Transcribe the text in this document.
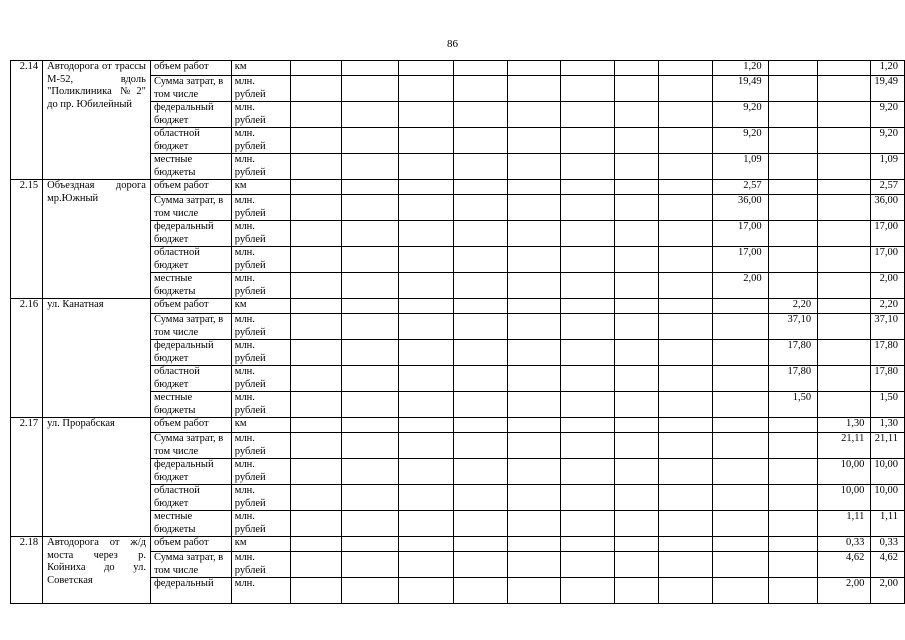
86
2.14	Автодорога от трассы М-52, вдоль "Поликлиника №2" до пр. Юбилейный	объем работ	км									1,20			1,20
		Сумма затрат, в том числе	млн. рублей									19,49			19,49
		федеральный бюджет	млн. рублей									9,20			9,20
		областной бюджет	млн. рублей									9,20			9,20
		местные бюджеты	млн. рублей									1,09			1,09
2.15	Объездная дорога мр.Южный	объем работ	км									2,57			2,57
		Сумма затрат, в том числе	млн. рублей									36,00			36,00
		федеральный бюджет	млн. рублей									17,00			17,00
		областной бюджет	млн. рублей									17,00			17,00
		местные бюджеты	млн. рублей									2,00			2,00
2.16	ул. Канатная	объем работ	км										2,20		2,20
		Сумма затрат, в том числе	млн. рублей										37,10		37,10
		федеральный бюджет	млн. рублей										17,80		17,80
		областной бюджет	млн. рублей										17,80		17,80
		местные бюджеты	млн. рублей										1,50		1,50
2.17	ул. Прорабская	объем работ	км											1,30	1,30
		Сумма затрат, в том числе	млн. рублей											21,11	21,11
		федеральный бюджет	млн. рублей											10,00	10,00
		областной бюджет	млн. рублей											10,00	10,00
		местные бюджеты	млн. рублей											1,11	1,11
2.18	Автодорога от ж/д моста через р. Койниха до ул. Советская	объем работ	км											0,33	0,33
		Сумма затрат, в том числе	млн. рублей											4,62	4,62
		федеральный	млн.											2,00	2,00
